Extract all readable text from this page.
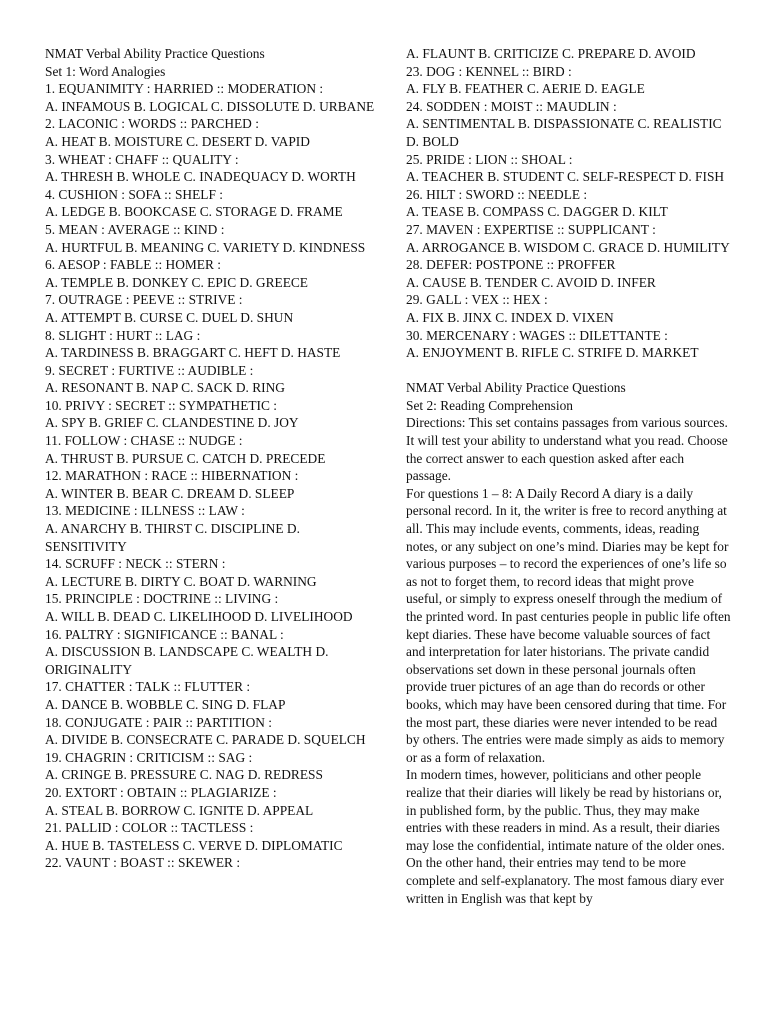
NMAT Verbal Ability Practice Questions

Set 1: Word Analogies

1. EQUANIMITY : HARRIED :: MODERATION :

A. INFAMOUS B. LOGICAL C. DISSOLUTE D. URBANE

2. LACONIC : WORDS :: PARCHED :

A. HEAT B. MOISTURE C. DESERT D. VAPID

3. WHEAT : CHAFF :: QUALITY :

A. THRESH B. WHOLE C. INADEQUACY D. WORTH

4. CUSHION : SOFA :: SHELF :

A. LEDGE B. BOOKCASE C. STORAGE D. FRAME

5. MEAN : AVERAGE :: KIND :

A. HURTFUL B. MEANING C. VARIETY D. KINDNESS

6. AESOP : FABLE :: HOMER :

A. TEMPLE B. DONKEY C. EPIC D. GREECE

7. OUTRAGE : PEEVE :: STRIVE :

A. ATTEMPT B. CURSE C. DUEL D. SHUN

8. SLIGHT : HURT :: LAG :

A. TARDINESS B. BRAGGART C. HEFT D. HASTE

9. SECRET : FURTIVE :: AUDIBLE :

A. RESONANT B. NAP C. SACK D. RING

10. PRIVY : SECRET :: SYMPATHETIC :

A. SPY B. GRIEF C. CLANDESTINE D. JOY

11. FOLLOW : CHASE :: NUDGE :

A. THRUST B. PURSUE C. CATCH D. PRECEDE

12. MARATHON : RACE :: HIBERNATION :

A. WINTER B. BEAR C. DREAM D. SLEEP

13. MEDICINE : ILLNESS :: LAW :

A. ANARCHY B. THIRST C. DISCIPLINE D. SENSITIVITY

14. SCRUFF : NECK :: STERN :

A. LECTURE B. DIRTY C. BOAT D. WARNING

15. PRINCIPLE : DOCTRINE :: LIVING :

A. WILL B. DEAD C. LIKELIHOOD D. LIVELIHOOD

16. PALTRY : SIGNIFICANCE :: BANAL :

A. DISCUSSION B. LANDSCAPE C. WEALTH D. ORIGINALITY

17. CHATTER : TALK :: FLUTTER :

A. DANCE B. WOBBLE C. SING D. FLAP

18. CONJUGATE : PAIR :: PARTITION :

A. DIVIDE B. CONSECRATE C. PARADE D. SQUELCH

19. CHAGRIN : CRITICISM :: SAG :

A. CRINGE B. PRESSURE C. NAG D. REDRESS

20. EXTORT : OBTAIN :: PLAGIARIZE :

A. STEAL B. BORROW C. IGNITE D. APPEAL

21. PALLID : COLOR :: TACTLESS :

A. HUE B. TASTELESS C. VERVE D. DIPLOMATIC

22. VAUNT : BOAST :: SKEWER :

A. FLAUNT B. CRITICIZE C. PREPARE D. AVOID

23. DOG : KENNEL :: BIRD :

A. FLY B. FEATHER C. AERIE D. EAGLE

24. SODDEN : MOIST :: MAUDLIN :

A. SENTIMENTAL B. DISPASSIONATE C. REALISTIC D. BOLD

25. PRIDE : LION :: SHOAL :

A. TEACHER B. STUDENT C. SELF-RESPECT D. FISH

26. HILT : SWORD :: NEEDLE :

A. TEASE B. COMPASS C. DAGGER D. KILT

27. MAVEN : EXPERTISE :: SUPPLICANT :

A. ARROGANCE B. WISDOM C. GRACE D. HUMILITY

28. DEFER: POSTPONE :: PROFFER

A. CAUSE B. TENDER C. AVOID D. INFER

29. GALL : VEX :: HEX :

A. FIX B. JINX C. INDEX D. VIXEN

30. MERCENARY : WAGES :: DILETTANTE :

A. ENJOYMENT B. RIFLE C. STRIFE D. MARKET

NMAT Verbal Ability Practice Questions

Set 2: Reading Comprehension

Directions: This set contains passages from various sources. It will test your ability to understand what you read. Choose the correct answer to each question asked after each passage.

For questions 1 – 8: A Daily Record A diary is a daily personal record. In it, the writer is free to record anything at all. This may include events, comments, ideas, reading notes, or any subject on one’s mind. Diaries may be kept for various purposes – to record the experiences of one’s life so as not to forget them, to record ideas that might prove useful, or simply to express oneself through the medium of the printed word. In past centuries people in public life often kept diaries. These have become valuable sources of fact and interpretation for later historians. The private candid observations set down in these personal journals often provide truer pictures of an age than do records or other books, which may have been censored during that time. For the most part, these diaries were never intended to be read by others. The entries were made simply as aids to memory or as a form of relaxation.

In modern times, however, politicians and other people realize that their diaries will likely be read by historians or, in published form, by the public. Thus, they may make entries with these readers in mind. As a result, their diaries may lose the confidential, intimate nature of the older ones. On the other hand, their entries may tend to be more complete and self-explanatory. The most famous diary ever written in English was that kept by
